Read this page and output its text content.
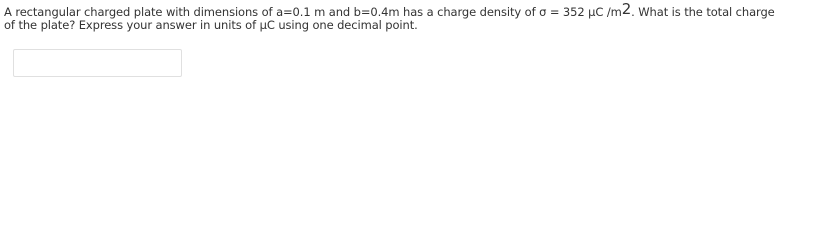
A rectangular charged plate with dimensions of a=0.1 m and b=0.4m has a charge density of σ = 352 μC $/m^2$. What is the total charge
of the plate? Express your answer in units of μC using one decimal point.
